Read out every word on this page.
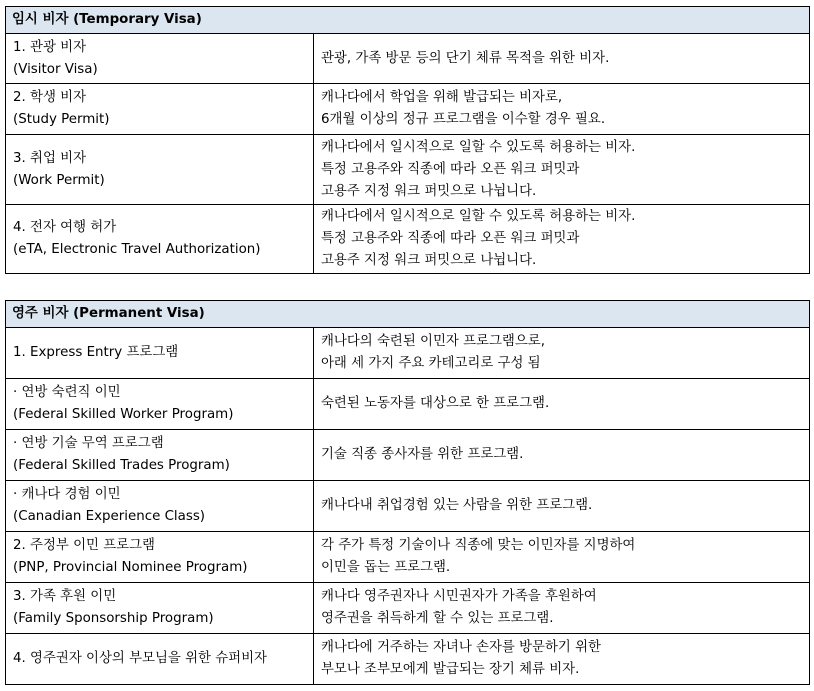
임시 비자 (Temporary Visa)	

1. 관광 비자
(Visitor Visa)	관광, 가족 방문 등의 단기 체류 목적을 위한 비자.

2. 학생 비자
(Study Permit)	캐나다에서 학업을 위해 발급되는 비자로,
6개월 이상의 정규 프로그램을 이수할 경우 필요.

3. 취업 비자
(Work Permit)	캐나다에서 일시적으로 일할 수 있도록 허용하는 비자.
특정 고용주와 직종에 따라 오픈 워크 퍼밋과
고용주 지정 워크 퍼밋으로 나뉩니다.

4. 전자 여행 허가
(eTA, Electronic Travel Authorization)	캐나다에서 일시적으로 일할 수 있도록 허용하는 비자.
특정 고용주와 직종에 따라 오픈 워크 퍼밋과
고용주 지정 워크 퍼밋으로 나뉩니다.
영주 비자 (Permanent Visa)	

1. Express Entry 프로그램	캐나다의 숙련된 이민자 프로그램으로,
아래 세 가지 주요 카테고리로 구성 됨

· 연방 숙련직 이민
(Federal Skilled Worker Program)	숙련된 노동자를 대상으로 한 프로그램.

· 연방 기술 무역 프로그램
(Federal Skilled Trades Program)	기술 직종 종사자를 위한 프로그램.

· 캐나다 경험 이민
(Canadian Experience Class)	캐나다내 취업경험 있는 사람을 위한 프로그램.

2. 주정부 이민 프로그램
(PNP, Provincial Nominee Program)	각 주가 특정 기술이나 직종에 맞는 이민자를 지명하여
이민을 돕는 프로그램.

3. 가족 후원 이민
(Family Sponsorship Program)	캐나다 영주권자나 시민권자가 가족을 후원하여
영주권을 취득하게 할 수 있는 프로그램.

4. 영주권자 이상의 부모님을 위한 슈퍼비자	캐나다에 거주하는 자녀나 손자를 방문하기 위한
부모나 조부모에게 발급되는 장기 체류 비자.
